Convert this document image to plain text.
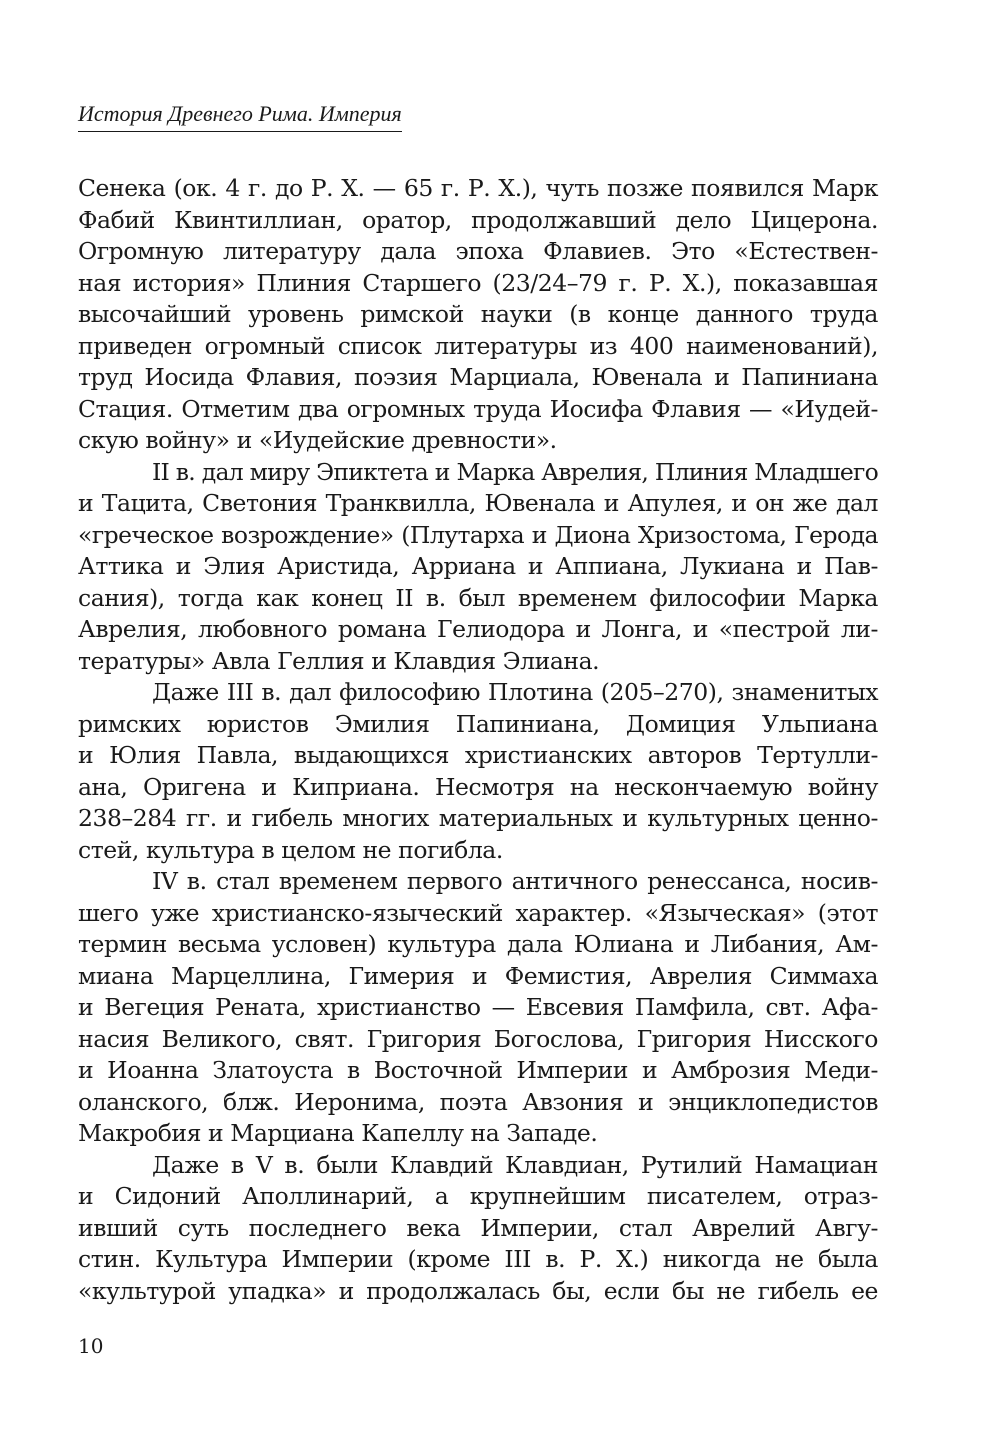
История Древнего Рима. Империя
Сенека (ок. 4 г. до Р. Х. — 65 г. Р. Х.), чуть позже появился Марк
Фабий Квинтиллиан, оратор, продолжавший дело Цицерона.
Огромную литературу дала эпоха Флавиев. Это «Естествен-
ная история» Плиния Старшего (23/24–79 г. Р. Х.), показавшая
высочайший уровень римской науки (в конце данного труда
приведен огромный список литературы из 400 наименований),
труд Иосида Флавия, поэзия Марциала, Ювенала и Папиниана
Стация. Отметим два огромных труда Иосифа Флавия — «Иудей-
скую войну» и «Иудейские древности».
II в. дал миру Эпиктета и Марка Аврелия, Плиния Младшего
и Тацита, Светония Транквилла, Ювенала и Апулея, и он же дал
«греческое возрождение» (Плутарха и Диона Хризостома, Герода
Аттика и Элия Аристида, Арриана и Аппиана, Лукиана и Пав-
сания), тогда как конец II в. был временем философии Марка
Аврелия, любовного романа Гелиодора и Лонга, и «пестрой ли-
тературы» Авла Геллия и Клавдия Элиана.
Даже III в. дал философию Плотина (205–270), знаменитых
римских юристов Эмилия Папиниана, Домиция Ульпиана
и Юлия Павла, выдающихся христианских авторов Тертулли-
ана, Оригена и Киприана. Несмотря на нескончаемую войну
238–284 гг. и гибель многих материальных и культурных ценно-
стей, культура в целом не погибла.
IV в. стал временем первого античного ренессанса, носив-
шего уже христианско-языческий характер. «Языческая» (этот
термин весьма условен) культура дала Юлиана и Либания, Ам-
миана Марцеллина, Гимерия и Фемистия, Аврелия Симмаха
и Вегеция Рената, христианство — Евсевия Памфила, свт. Афа-
насия Великого, свят. Григория Богослова, Григория Нисского
и Иоанна Златоуста в Восточной Империи и Амброзия Меди-
оланского, блж. Иеронима, поэта Авзония и энциклопедистов
Макробия и Марциана Капеллу на Западе.
Даже в V в. были Клавдий Клавдиан, Рутилий Намациан
и Сидоний Аполлинарий, а крупнейшим писателем, отраз-
ивший суть последнего века Империи, стал Аврелий Авгу-
стин. Культура Империи (кроме III в. Р. Х.) никогда не была
«культурой упадка» и продолжалась бы, если бы не гибель ее
10
